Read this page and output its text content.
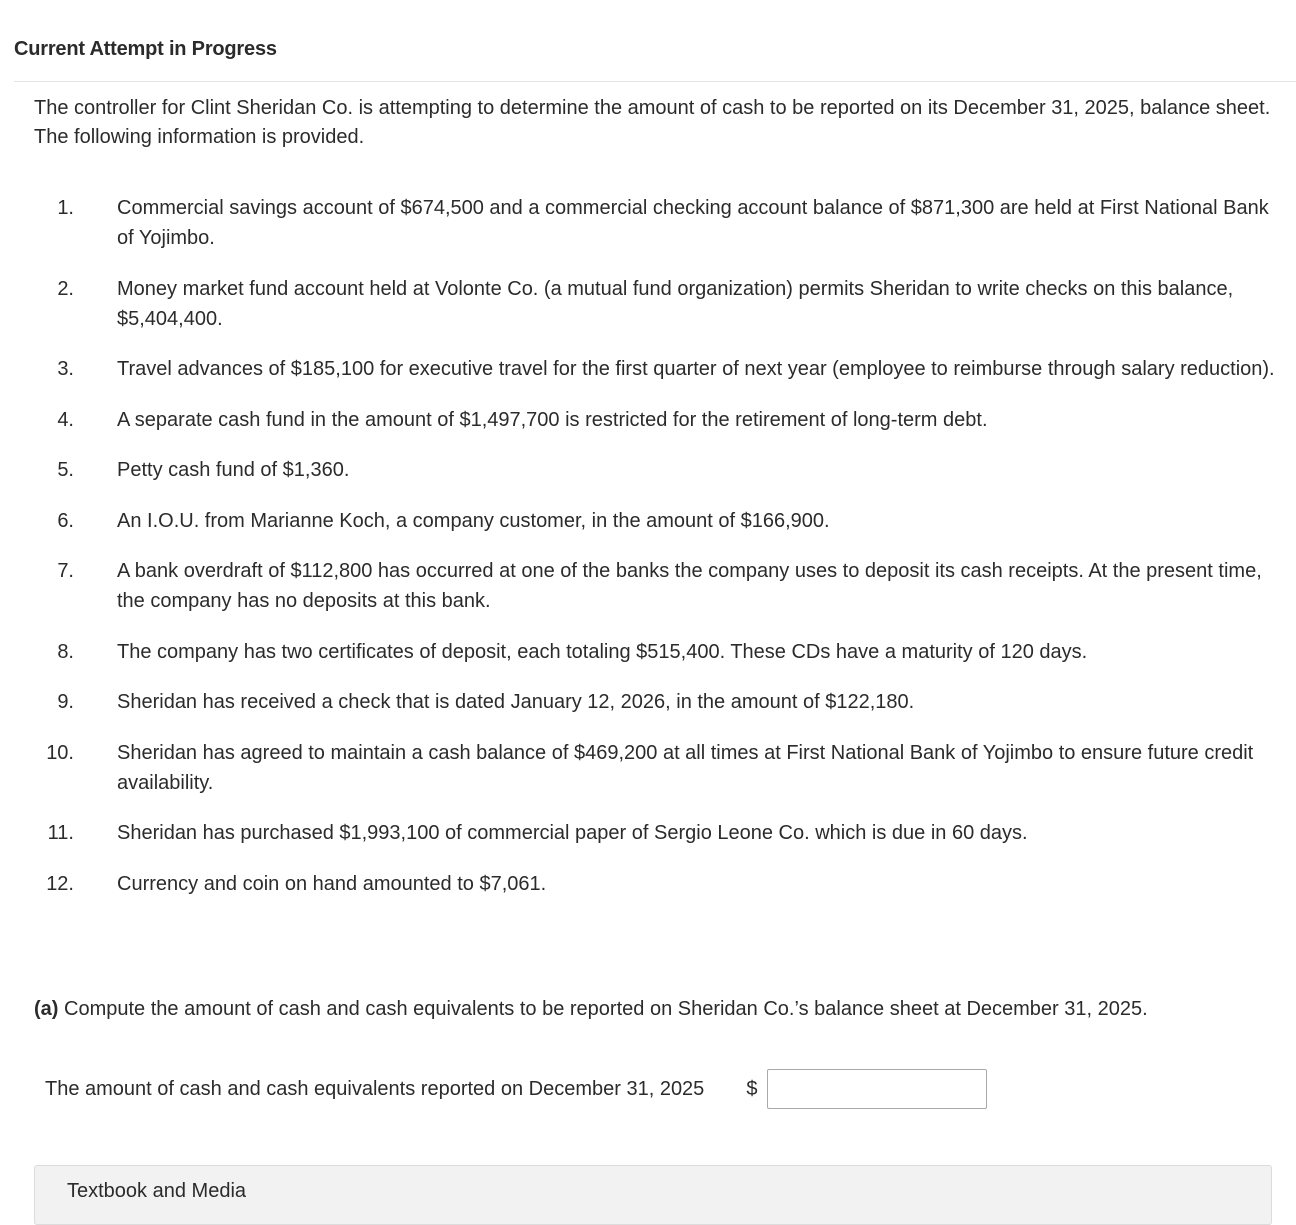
Current Attempt in Progress

The controller for Clint Sheridan Co. is attempting to determine the amount of cash to be reported on its December 31, 2025, balance sheet. The following information is provided.

1. Commercial savings account of $674,500 and a commercial checking account balance of $871,300 are held at First National Bank of Yojimbo.
2. Money market fund account held at Volonte Co. (a mutual fund organization) permits Sheridan to write checks on this balance, $5,404,400.
3. Travel advances of $185,100 for executive travel for the first quarter of next year (employee to reimburse through salary reduction).
4. A separate cash fund in the amount of $1,497,700 is restricted for the retirement of long-term debt.
5. Petty cash fund of $1,360.
6. An I.O.U. from Marianne Koch, a company customer, in the amount of $166,900.
7. A bank overdraft of $112,800 has occurred at one of the banks the company uses to deposit its cash receipts. At the present time, the company has no deposits at this bank.
8. The company has two certificates of deposit, each totaling $515,400. These CDs have a maturity of 120 days.
9. Sheridan has received a check that is dated January 12, 2026, in the amount of $122,180.
10. Sheridan has agreed to maintain a cash balance of $469,200 at all times at First National Bank of Yojimbo to ensure future credit availability.
11. Sheridan has purchased $1,993,100 of commercial paper of Sergio Leone Co. which is due in 60 days.
12. Currency and coin on hand amounted to $7,061.

(a) Compute the amount of cash and cash equivalents to be reported on Sheridan Co.’s balance sheet at December 31, 2025.

The amount of cash and cash equivalents reported on December 31, 2025 $
Textbook and Media
